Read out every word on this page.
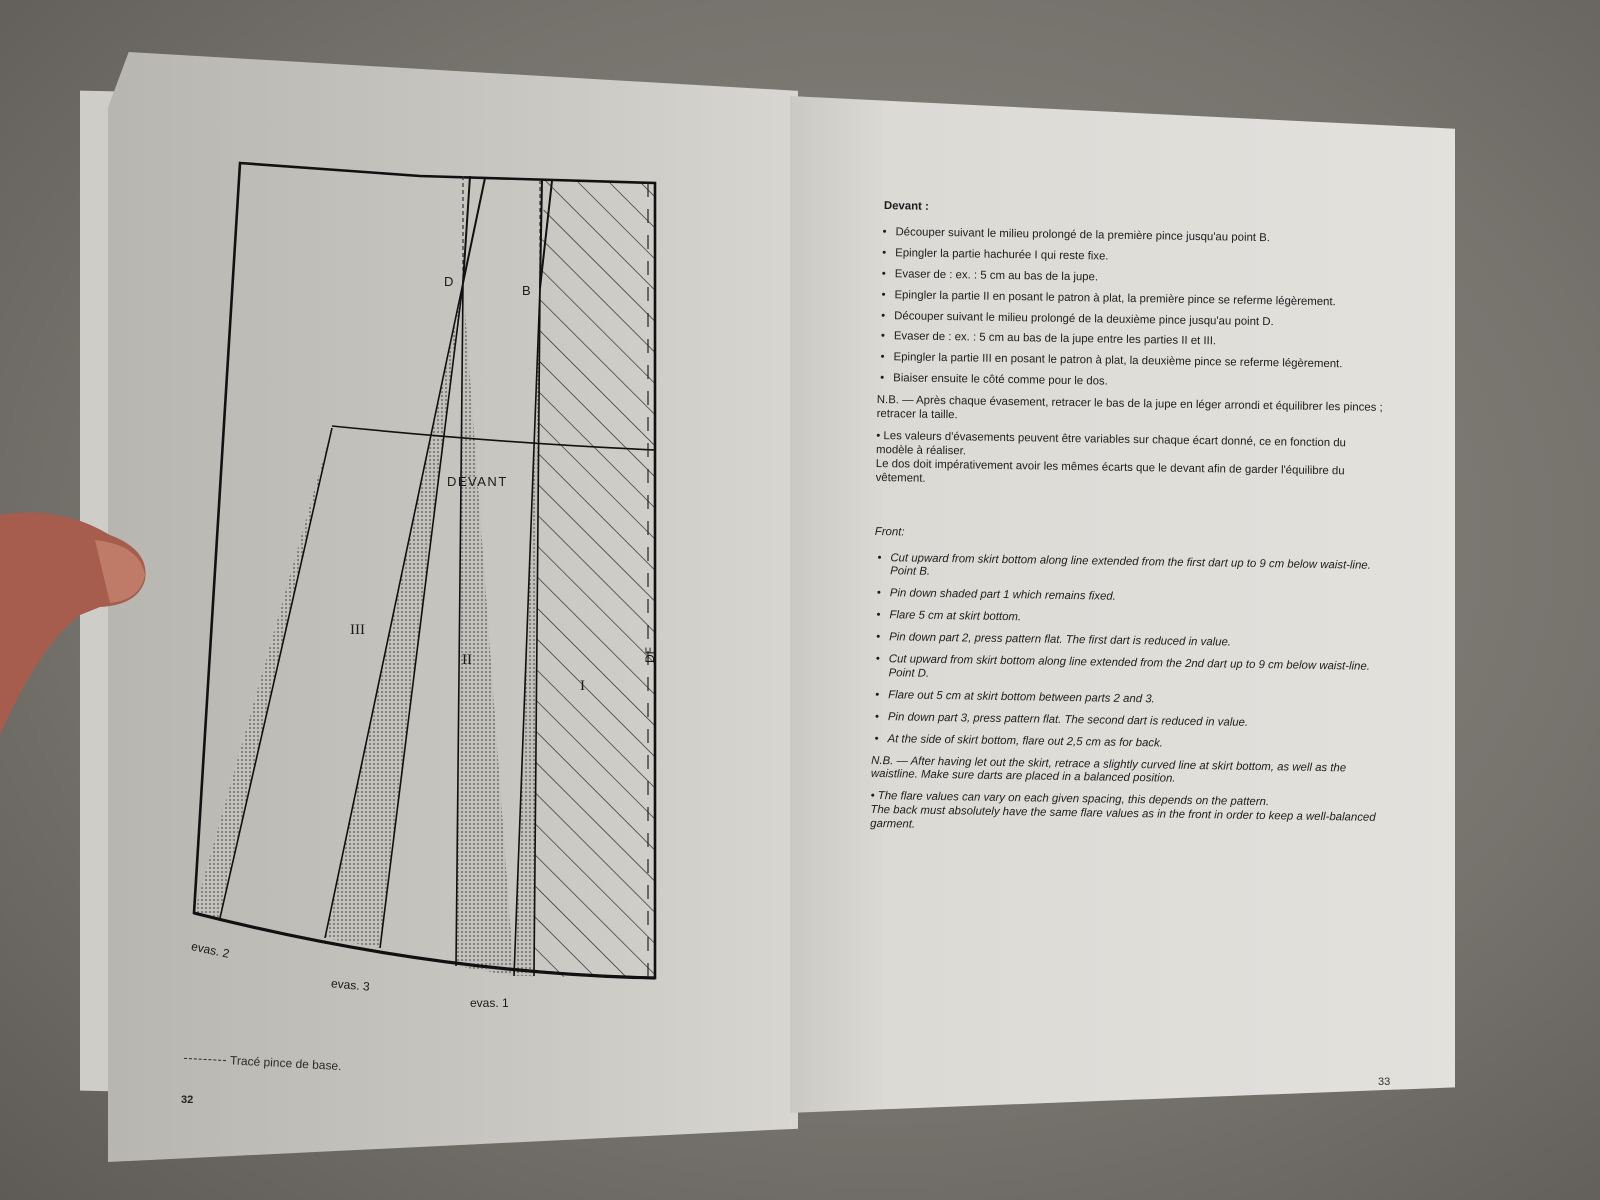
D
B
DEVANT
III
II
I
DF
evas. 2
evas. 3
evas. 1
Tracé pince de base.
32
Devant :
• Découper suivant le milieu prolongé de la première pince jusqu'au point B.
• Epingler la partie hachurée I qui reste fixe.
• Evaser de : ex. : 5 cm au bas de la jupe.
• Epingler la partie II en posant le patron à plat, la première pince se referme légèrement.
• Découper suivant le milieu prolongé de la deuxième pince jusqu'au point D.
• Evaser de : ex. : 5 cm au bas de la jupe entre les parties II et III.
• Epingler la partie III en posant le patron à plat, la deuxième pince se referme légèrement.
• Biaiser ensuite le côté comme pour le dos.

N.B. — Après chaque évasement, retracer le bas de la jupe en léger arrondi et équilibrer les pinces ; retracer la taille.

• Les valeurs d'évasements peuvent être variables sur chaque écart donné, ce en fonction du modèle à réaliser.

Le dos doit impérativement avoir les mêmes écarts que le devant afin de garder l'équilibre du vêtement.

Front:
• Cut upward from skirt bottom along line extended from the first dart up to 9 cm below waist-line. Point B.
• Pin down shaded part 1 which remains fixed.
• Flare 5 cm at skirt bottom.
• Pin down part 2, press pattern flat. The first dart is reduced in value.
• Cut upward from skirt bottom along line extended from the 2nd dart up to 9 cm below waist-line. Point D.
• Flare out 5 cm at skirt bottom between parts 2 and 3.
• Pin down part 3, press pattern flat. The second dart is reduced in value.
• At the side of skirt bottom, flare out 2,5 cm as for back.

N.B. — After having let out the skirt, retrace a slightly curved line at skirt bottom, as well as the waistline. Make sure darts are placed in a balanced position.

• The flare values can vary on each given spacing, this depends on the pattern.

The back must absolutely have the same flare values as in the front in order to keep a well-balanced garment.

33
